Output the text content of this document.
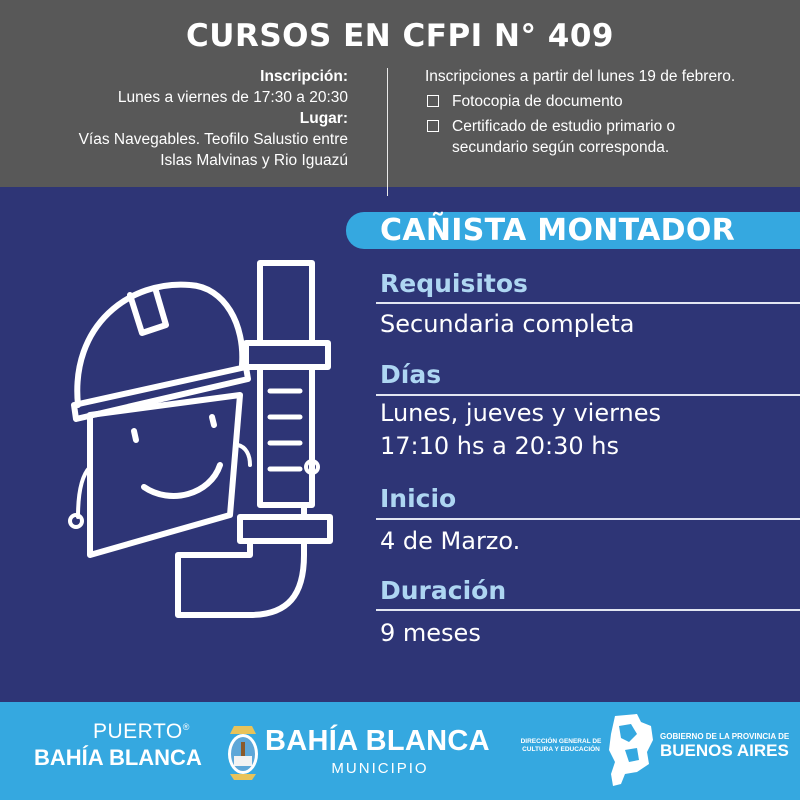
CURSOS EN CFPI N° 409
Inscripción:
Lunes a viernes de 17:30 a 20:30
Lugar:
Vías Navegables. Teofilo Salustio entre
Islas Malvinas y Rio Iguazú
Inscripciones a partir del lunes 19 de febrero.
Fotocopia de documento
Certificado de estudio primario o
secundario según corresponda.
CAÑISTA MONTADOR
Requisitos
Secundaria completa
Días
Lunes, jueves y viernes
17:10 hs a 20:30 hs
Inicio
4 de Marzo.
Duración
9 meses
PUERTO®
BAHÍA BLANCA
BAHÍA BLANCA
MUNICIPIO
DIRECCIÓN GENERAL DE
CULTURA Y EDUCACIÓN
GOBIERNO DE LA PROVINCIA DE
BUENOS AIRES
